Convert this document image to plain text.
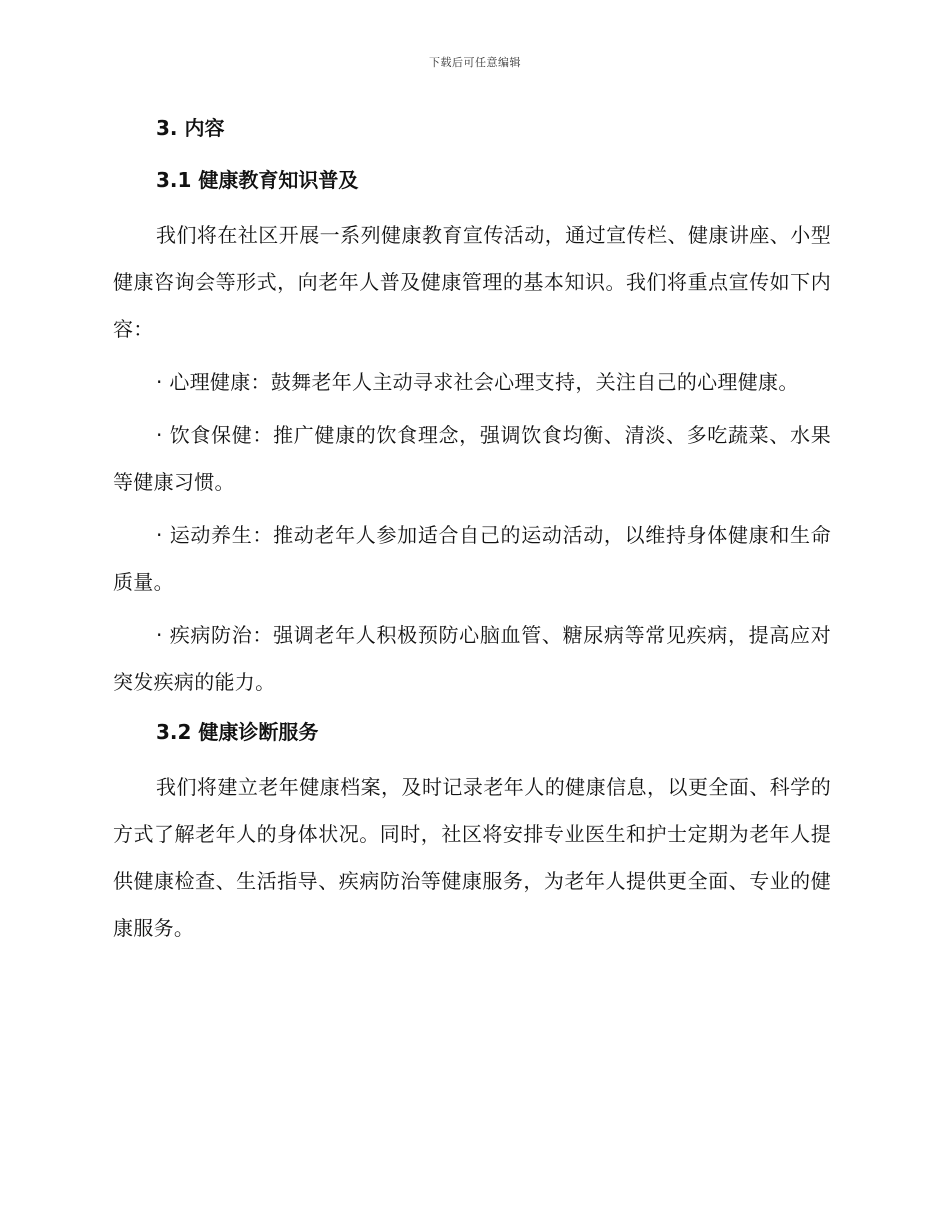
下载后可任意编辑
3. 内容
3.1 健康教育知识普及

我们将在社区开展一系列健康教育宣传活动，通过宣传栏、健康讲座、小型健康咨询会等形式，向老年人普及健康管理的基本知识。我们将重点宣传如下内容：

· 心理健康：鼓舞老年人主动寻求社会心理支持，关注自己的心理健康。

· 饮食保健：推广健康的饮食理念，强调饮食均衡、清淡、多吃蔬菜、水果等健康习惯。

· 运动养生：推动老年人参加适合自己的运动活动，以维持身体健康和生命质量。

· 疾病防治：强调老年人积极预防心脑血管、糖尿病等常见疾病，提高应对突发疾病的能力。

3.2 健康诊断服务

我们将建立老年健康档案，及时记录老年人的健康信息，以更全面、科学的方式了解老年人的身体状况。同时，社区将安排专业医生和护士定期为老年人提供健康检查、生活指导、疾病防治等健康服务，为老年人提供更全面、专业的健康服务。
